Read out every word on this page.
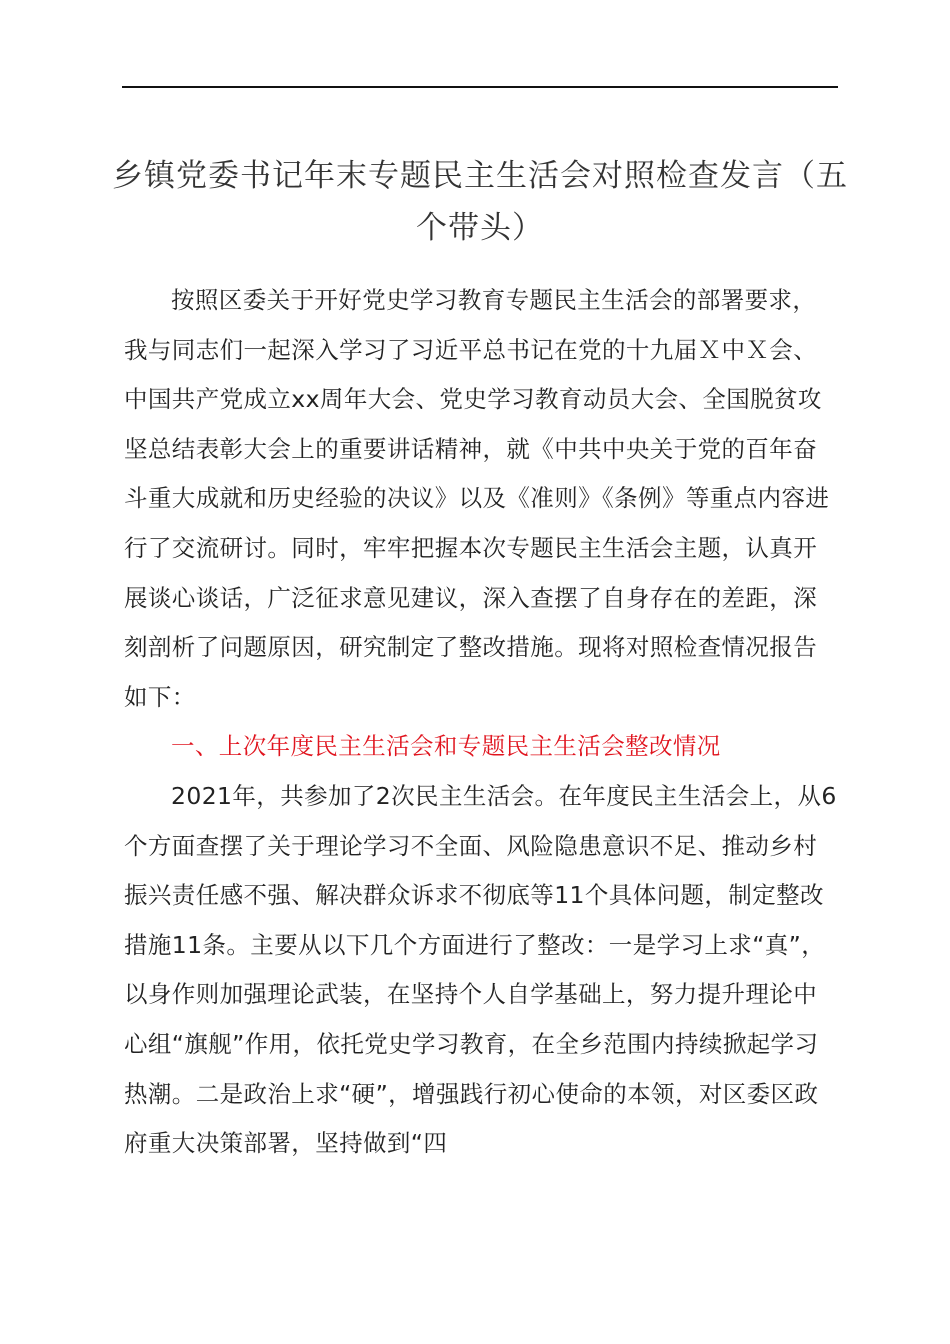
乡镇党委书记年末专题民主生活会对照检查发言（五个带头）

按照区委关于开好党史学习教育专题民主生活会的部署要求，我与同志们一起深入学习了习近平总书记在党的十九届Ｘ中Ｘ会、中国共产党成立xx周年大会、党史学习教育动员大会、全国脱贫攻坚总结表彰大会上的重要讲话精神，就《中共中央关于党的百年奋斗重大成就和历史经验的决议》以及《准则》《条例》等重点内容进行了交流研讨。同时，牢牢把握本次专题民主生活会主题，认真开展谈心谈话，广泛征求意见建议，深入查摆了自身存在的差距，深刻剖析了问题原因，研究制定了整改措施。现将对照检查情况报告如下：

一、上次年度民主生活会和专题民主生活会整改情况

2021年，共参加了2次民主生活会。在年度民主生活会上，从6个方面查摆了关于理论学习不全面、风险隐患意识不足、推动乡村振兴责任感不强、解决群众诉求不彻底等11个具体问题，制定整改措施11条。主要从以下几个方面进行了整改：一是学习上求“真”，以身作则加强理论武装，在坚持个人自学基础上，努力提升理论中心组“旗舰”作用，依托党史学习教育，在全乡范围内持续掀起学习热潮。二是政治上求“硬”，增强践行初心使命的本领，对区委区政府重大决策部署，坚持做到“四
